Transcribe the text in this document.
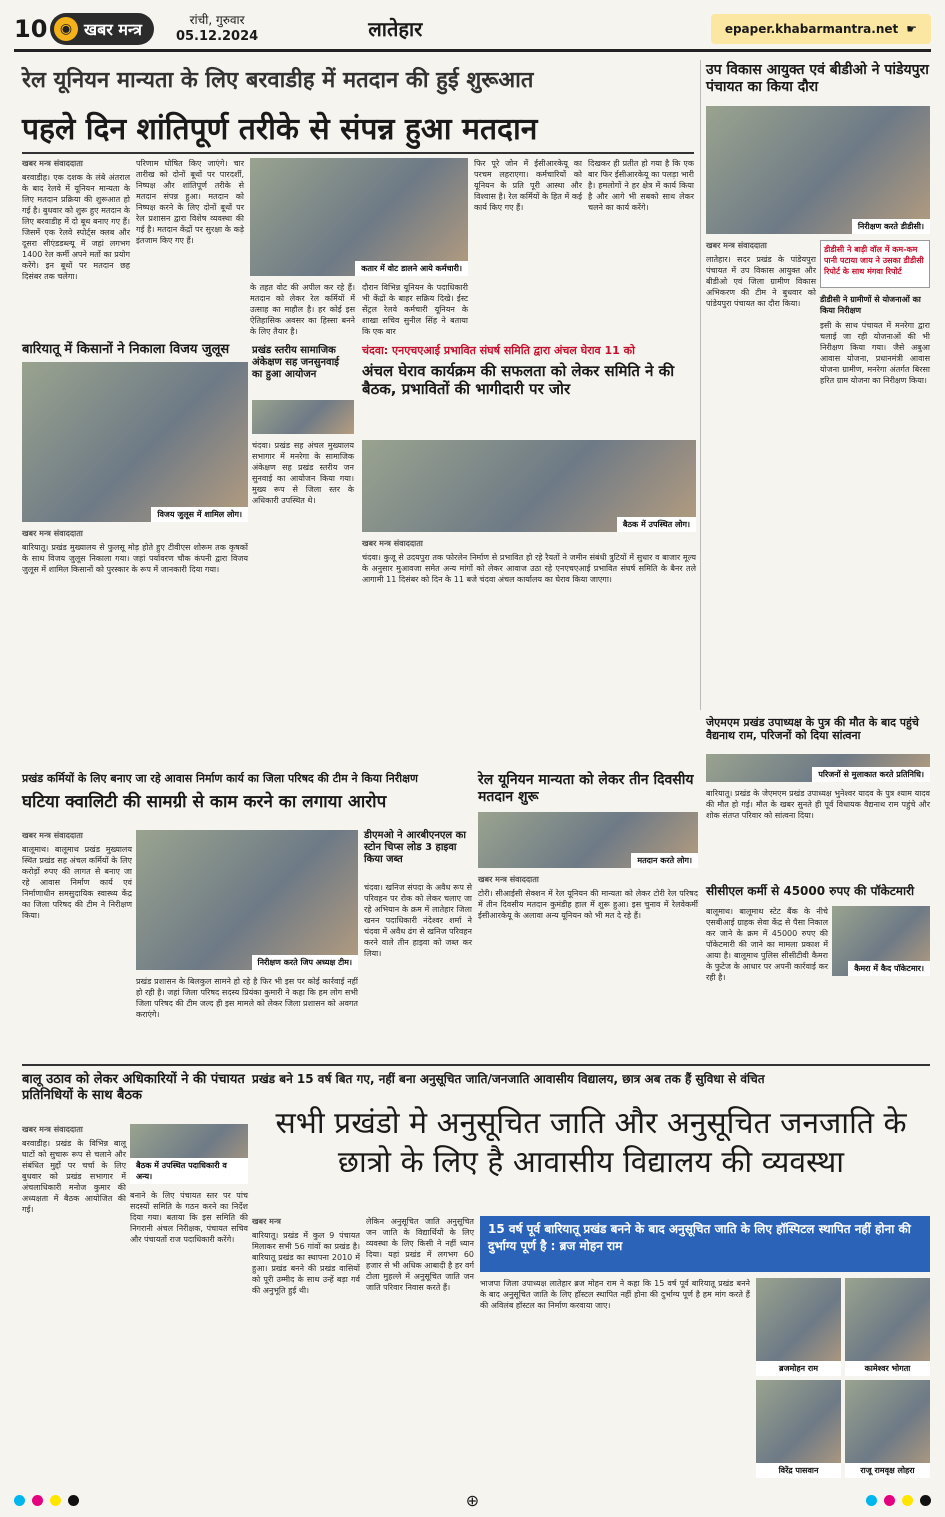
10 ◉ खबर मन्त्र	रांची, गुरुवार
05.12.2024	लातेहार	epaper.khabarmantra.net ☛
रेल यूनियन मान्यता के लिए बरवाडीह में मतदान की हुई शुरूआत
पहले दिन शांतिपूर्ण तरीके से संपन्न हुआ मतदान
खबर मन्त्र संवाददाता
बरवाडीह। एक दशक के लंबे अंतराल के बाद रेलवे में यूनियन मान्यता के लिए मतदान प्रक्रिया की शुरूआत हो गई है। बुधवार को शुरू हुए मतदान के लिए बरवाडीह में दो बूथ बनाए गए हैं। जिसमें एक रेलवे स्पोर्ट्स क्लब और दूसरा सीएंडडब्ल्यू में जहां लगभग 1400 रेल कर्मी अपने मतों का प्रयोग करेंगे। इन बूथों पर मतदान छह दिसंबर तक चलेगा।
परिणाम घोषित किए जाएंगे। चार तारीख को दोनों बूथों पर पारदर्शी, निष्पक्ष और शांतिपूर्ण तरीके से मतदान संपन्न हुआ। मतदान को निष्पक्ष करने के लिए दोनों बूथों पर रेल प्रशासन द्वारा विशेष व्यवस्था की गई है। मतदान केंद्रों पर सुरक्षा के कड़े इंतजाम किए गए हैं।
कतार में वोट डालने आये कर्मचारी।
के तहत वोट की अपील कर रहे हैं। मतदान को लेकर रेल कर्मियों में उत्साह का माहौल है। हर कोई इस ऐतिहासिक अवसर का हिस्सा बनने के लिए तैयार है।
दौरान विभिन्न यूनियन के पदाधिकारी भी केंद्रों के बाहर सक्रिय दिखे। ईस्ट सेंट्रल रेलवे कर्मचारी यूनियन के शाखा सचिव सुनील सिंह ने बताया कि एक बार
फिर पूरे जोन में ईसीआरकेयू का परचम लहराएगा। कर्मचारियों को यूनियन के प्रति पूरी आस्था और विश्वास है। रेल कर्मियों के हित में कई कार्य किए गए हैं।
दिखकर ही प्रतीत हो गया है कि एक बार फिर ईसीआरकेयू का पलड़ा भारी है। हमलोगों ने हर क्षेत्र में कार्य किया है और आगे भी सबको साथ लेकर चलने का कार्य करेंगे।
उप विकास आयुक्त एवं बीडीओ ने पांडेयपुरा पंचायत का किया दौरा
निरीक्षण करते डीडीसी।
खबर मन्त्र संवाददाता
लातेहार। सदर प्रखंड के पांडेयपुरा पंचायत में उप विकास आयुक्त और बीडीओ एवं जिला ग्रामीण विकास अभिकरण की टीम ने बुधवार को पांडेयपुरा पंचायत का दौरा किया।
डीडीसी ने बाड़ी वॉल में कम-कम पानी पटाया जाय ने उसका डीडीसी रिपोर्ट के साथ मंगवा रिपोर्ट
डीडीसी ने ग्रामीणों से योजनाओं का किया निरीक्षण
इसी के साथ पंचायत में मनरेगा द्वारा चलाई जा रही योजनाओं की भी निरीक्षण किया गया। जैसे अबुआ आवास योजना, प्रधानमंत्री आवास योजना ग्रामीण, मनरेगा अंतर्गत बिरसा हरित ग्राम योजना का निरीक्षण किया।
बारियातू में किसानों ने निकाला विजय जुलूस
विजय जुलूस में शामिल लोग।
खबर मन्त्र संवाददाता
बारियातू। प्रखंड मुख्यालय से फुलसू मोड़ होते हुए टीवीएस शोरूम तक कृषकों के साथ विजय जुलूस निकाला गया। जहां पर्यावरण चौक कंपनी द्वारा विजय जुलूस में शामिल किसानों को पुरस्कार के रूप में जानकारी दिया गया।
प्रखंड स्तरीय सामाजिक अंकेक्षण सह जनसुनवाई का हुआ आयोजन
चंदवा। प्रखंड सह अंचल मुख्यालय सभागार में मनरेगा के सामाजिक अंकेक्षण सह प्रखंड स्तरीय जन सुनवाई का आयोजन किया गया। मुख्य रूप से जिला स्तर के अधिकारी उपस्थित थे।
चंदवा: एनएचएआई प्रभावित संघर्ष समिति द्वारा अंचल घेराव 11 को
अंचल घेराव कार्यक्रम की सफलता को लेकर समिति ने की बैठक, प्रभावितों की भागीदारी पर जोर
बैठक में उपस्थित लोग।
खबर मन्त्र संवाददाता
चंदवा। कुजू से उदयपुरा तक फोरलेन निर्माण से प्रभावित हो रहे रैयतों ने जमीन संबंधी त्रुटियों में सुधार व बाजार मूल्य के अनुसार मुआवजा समेत अन्य मांगों को लेकर आवाज उठा रहे एनएचएआई प्रभावित संघर्ष समिति के बैनर तले आगामी 11 दिसंबर को दिन के 11 बजे चंदवा अंचल कार्यालय का घेराव किया जाएगा।
प्रखंड कर्मियों के लिए बनाए जा रहे आवास निर्माण कार्य का जिला परिषद की टीम ने किया निरीक्षण
घटिया क्वालिटी की सामग्री से काम करने का लगाया आरोप
खबर मन्त्र संवाददाता
बालूमाथ। बालूमाथ प्रखंड मुख्यालय स्थित प्रखंड सह अंचल कर्मियों के लिए करोड़ों रुपए की लागत से बनाए जा रहे आवास निर्माण कार्य एवं निर्माणाधीन समसुदायिक स्वास्थ्य केंद्र का जिला परिषद की टीम ने निरीक्षण किया।
निरीक्षण करते जिप अध्यक्ष टीम।
प्रखंड प्रशासन के बिलकुल सामने हो रहे है फिर भी इस पर कोई कार्रवाई नहीं हो रही है। जहां जिला परिषद सदस्य प्रियंका कुमारी ने कहा कि हम लोग सभी जिला परिषद की टीम जल्द ही इस मामले को लेकर जिला प्रशासन को अवगत कराएंगे।
डीएमओ ने आरबीएनएल का स्टोन चिप्स लोड 3 हाइवा किया जब्त
चंदवा। खनिज संपदा के अवैध रूप से परिवहन पर रोक को लेकर चलाए जा रहे अभियान के क्रम में लातेहार जिला खनन पदाधिकारी नंदेश्वर शर्मा ने चंदवा में अवैध ढंग से खनिज परिवहन करने वाले तीन हाइवा को जब्त कर लिया।
रेल यूनियन मान्यता को लेकर तीन दिवसीय मतदान शुरू
मतदान करते लोग।
खबर मन्त्र संवाददाता
टोरी। सीआईसी सेक्शन में रेल यूनियन की मान्यता को लेकर टोरी रेल परिषद में तीन दिवसीय मतदान कुमंडीह हाल में शुरू हुआ। इस चुनाव में रेलवेकर्मी ईसीआरकेयू के अलावा अन्य यूनियन को भी मत दे रहे हैं।
जेएमएम प्रखंड उपाध्यक्ष के पुत्र की मौत के बाद पहुंचे वैद्यनाथ राम, परिजनों को दिया सांत्वना
परिजनों से मुलाकात करते प्रतिनिधि।
बारियातू। प्रखंड के जेएमएम प्रखंड उपाध्यक्ष भुनेश्वर यादव के पुत्र श्याम यादव की मौत हो गई। मौत के खबर सुनते ही पूर्व विधायक वैद्यनाथ राम पहुंचे और शोक संतप्त परिवार को सांत्वना दिया।
सीसीएल कर्मी से 45000 रुपए की पॉकेटमारी
कैमरा में कैद पॉकेटमार।
बालूमाथ। बालूमाथ स्टेट बैंक के नीचे एसबीआई ग्राहक सेवा केंद्र से पैसा निकाल कर जाने के क्रम में 45000 रुपए की पॉकेटमारी की जाने का मामला प्रकाश में आया है। बालूमाथ पुलिस सीसीटीवी कैमरा के फुटेज के आधार पर अपनी कार्रवाई कर रही है।
बालू उठाव को लेकर अधिकारियों ने की पंचायत प्रतिनिधियों के साथ बैठक
बैठक में उपस्थित पदाधिकारी व अन्य।
खबर मन्त्र संवाददाता
बरवाडीह। प्रखंड के विभिन्न बालू घाटों को सुचारू रूप से चलाने और संबंधित मुद्दों पर चर्चा के लिए बुधवार को प्रखंड सभागार में अंचलाधिकारी मनोज कुमार की अध्यक्षता में बैठक आयोजित की गई।
बनाने के लिए पंचायत स्तर पर पांच सदस्यों समिति के गठन करने का निर्देश दिया गया। बताया कि इस समिति की निगरानी अंचल निरीक्षक, पंचायत सचिव और पंचायतों राज पदाधिकारी करेंगे।
प्रखंड बने 15 वर्ष बित गए, नहीं बना अनुसूचित जाति/जनजाति आवासीय विद्यालय, छात्र अब तक हैं सुविधा से वंचित
सभी प्रखंडो मे अनुसूचित जाति और अनुसूचित जनजाति के छात्रो के लिए है आवासीय विद्यालय की व्यवस्था
खबर मन्त्र
बारियातू। प्रखंड में कुल 9 पंचायत मिलाकर सभी 56 गांवों का प्रखंड है। बारियातू प्रखंड का स्थापना 2010 में हुआ। प्रखंड बनने की प्रखंड वासियों को पूरी उम्मीद के साथ उन्हें बड़ा गर्व की अनुभूति हुई थी।
लेकिन अनुसूचित जाति अनुसूचित जन जाति के विद्यार्थियों के लिए व्यवस्था के लिए किसी ने नहीं ध्यान दिया। यहां प्रखंड में लगभग 60 हजार से भी अधिक आबादी है हर वर्ग टोला मुहल्ले में अनुसूचित जाति जन जाति परिवार निवास करते हैं।
15 वर्ष पूर्व बारियातू प्रखंड बनने के बाद अनुसूचित जाति के लिए हॉस्पिटल स्थापित नहीं होना की दुर्भाग्य पूर्ण है : ब्रज मोहन राम
भाजपा जिला उपाध्यक्ष लातेहार ब्रज मोहन राम ने कहा कि 15 वर्ष पूर्व बारियातू प्रखंड बनने के बाद अनुसूचित जाति के लिए हॉस्टल स्थापित नहीं होना की दुर्भाग्य पूर्ण है हम मांग करते हैं की अविलंब हॉस्टल का निर्माण करवाया जाए।
ब्रजमोहन राम	कामेश्वर भोगता
विरेंद्र पासवान	राजू रामवृक्ष लोहरा
⊕
